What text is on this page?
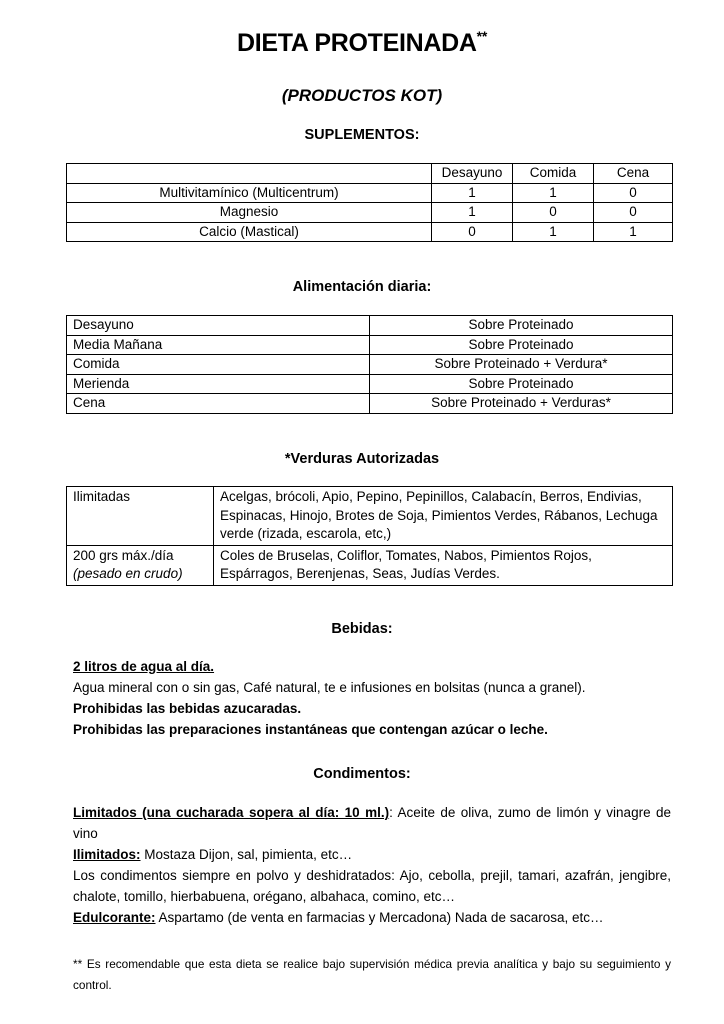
DIETA PROTEINADA**
(PRODUCTOS KOT)
SUPLEMENTOS:
	Desayuno	Comida	Cena
Multivitamínico (Multicentrum)	1	1	0
Magnesio	1	0	0
Calcio (Mastical)	0	1	1
Alimentación diaria:
Desayuno	Sobre Proteinado
Media Mañana	Sobre Proteinado
Comida	Sobre Proteinado + Verdura*
Merienda	Sobre Proteinado
Cena	Sobre Proteinado + Verduras*
*Verduras Autorizadas
Ilimitadas	Acelgas, brócoli, Apio, Pepino, Pepinillos, Calabacín, Berros, Endivias, Espinacas, Hinojo, Brotes de Soja, Pimientos Verdes, Rábanos, Lechuga verde (rizada, escarola, etc,)

200 grs máx./día
(pesado en crudo)	Coles de Bruselas, Coliflor, Tomates, Nabos, Pimientos Rojos, Espárragos, Berenjenas, Seas, Judías Verdes.
Bebidas:
2 litros de agua al día.
Agua mineral con o sin gas, Café natural, te e infusiones en bolsitas (nunca a granel).
Prohibidas las bebidas azucaradas.
Prohibidas las preparaciones instantáneas que contengan azúcar o leche.
Condimentos:
Limitados (una cucharada sopera al día: 10 ml.): Aceite de oliva, zumo de limón y vinagre de vino
Ilimitados: Mostaza Dijon, sal, pimienta, etc…
Los condimentos siempre en polvo y deshidratados: Ajo, cebolla, prejil, tamari, azafrán, jengibre, chalote, tomillo, hierbabuena, orégano, albahaca, comino, etc…
Edulcorante: Aspartamo (de venta en farmacias y Mercadona) Nada de sacarosa, etc…
** Es recomendable que esta dieta se realice bajo supervisión médica previa analítica y bajo su seguimiento y control.
